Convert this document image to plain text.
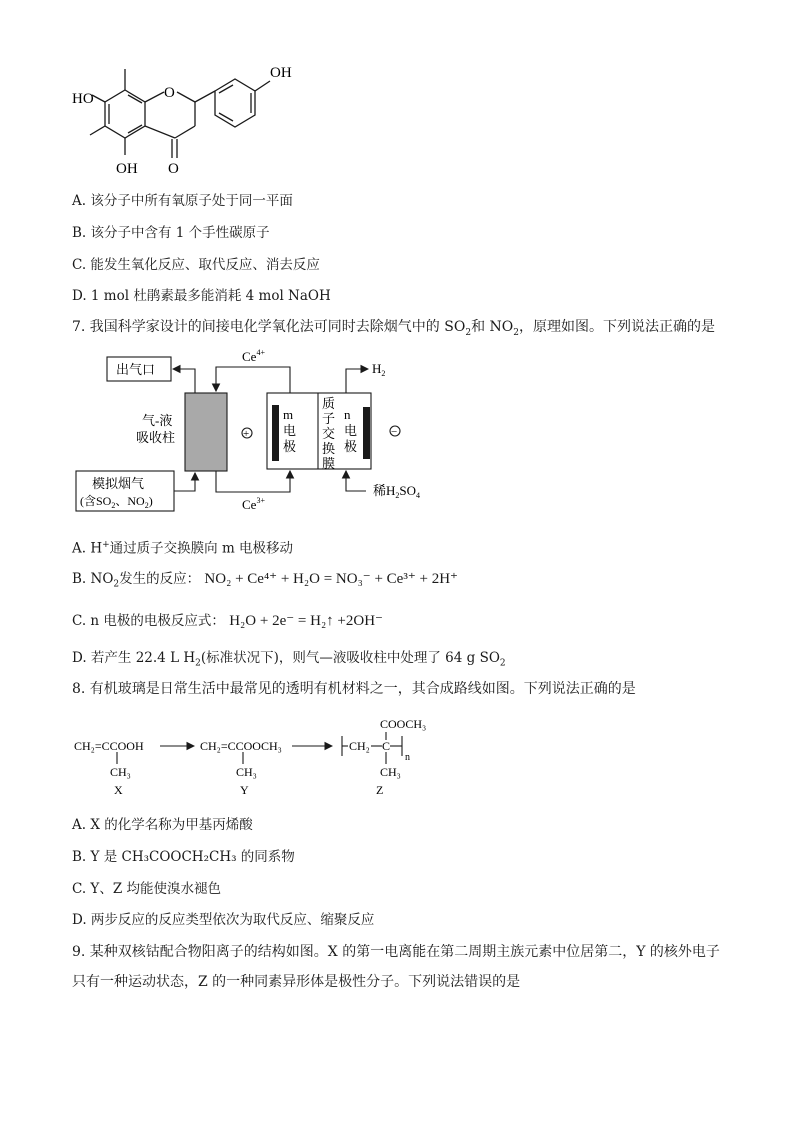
OH
HO
OH
O
O
A. 该分子中所有氧原子处于同一平面
B. 该分子中含有 1 个手性碳原子
C. 能发生氧化反应、取代反应、消去反应
D. 1 mol 杜鹃素最多能消耗 4 mol NaOH
7. 我国科学家设计的间接电化学氧化法可同时去除烟气中的 $SO_2$和 $NO_2$，原理如图。下列说法正确的是
出气口
气-液
吸收柱
模拟烟气
(含$SO_2$、$NO_2$)
$Ce^{4+}$
$Ce^{3+}$
$H_2$
m
电
极
质
子
交
换
膜
n
电
极
+	−
稀$H_2SO_4$
A. H+通过质子交换膜向 m 电极移动
B. $NO_2$发生的反应： NO₂ + Ce⁴⁺ + H₂O = NO₃⁻ + Ce³⁺ + 2H⁺
C. n 电极的电极反应式： H₂O + 2e⁻ = H₂↑ +2OH⁻
D. 若产生 22.4 L $H_2$(标准状况下)，则气—液吸收柱中处理了 64 g $SO_2$
8. 有机玻璃是日常生活中最常见的透明有机材料之一，其合成路线如图。下列说法正确的是
CH₂=CCOOH
CH₃
X
CH₂=CCOOCH₃
CH₃
Y
COOCH₃
CH₂ C
n
CH₃
Z
A. X 的化学名称为甲基丙烯酸
B. Y 是 CH₃COOCH₂CH₃ 的同系物
C. Y、Z 均能使溴水褪色
D. 两步反应的反应类型依次为取代反应、缩聚反应
9. 某种双核钴配合物阳离子的结构如图。X 的第一电离能在第二周期主族元素中位居第二，Y 的核外电子
只有一种运动状态，Z 的一种同素异形体是极性分子。下列说法错误的是
